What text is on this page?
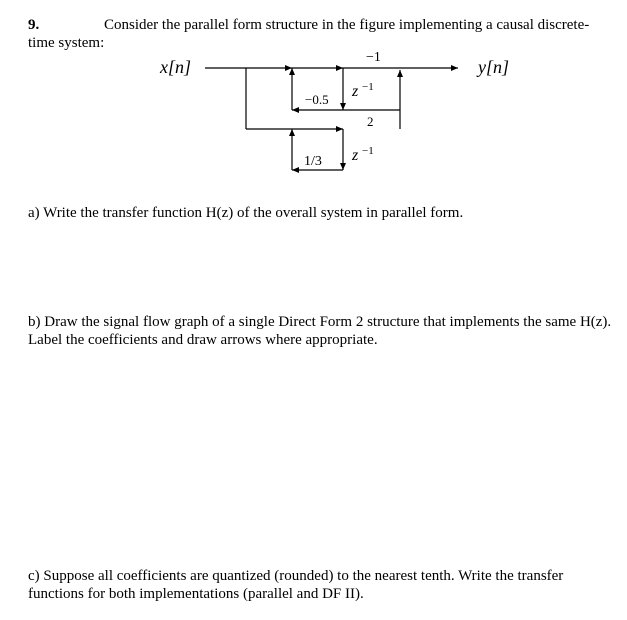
9.	Consider the parallel form structure in the figure implementing a causal discrete-
time system:
x[n]	y[n]
−1
−0.5
2
1/3
z −1
z −1
a) Write the transfer function H(z) of the overall system in parallel form.
b) Draw the signal flow graph of a single Direct Form 2 structure that implements the same H(z).
Label the coefficients and draw arrows where appropriate.
c) Suppose all coefficients are quantized (rounded) to the nearest tenth. Write the transfer
functions for both implementations (parallel and DF II).
